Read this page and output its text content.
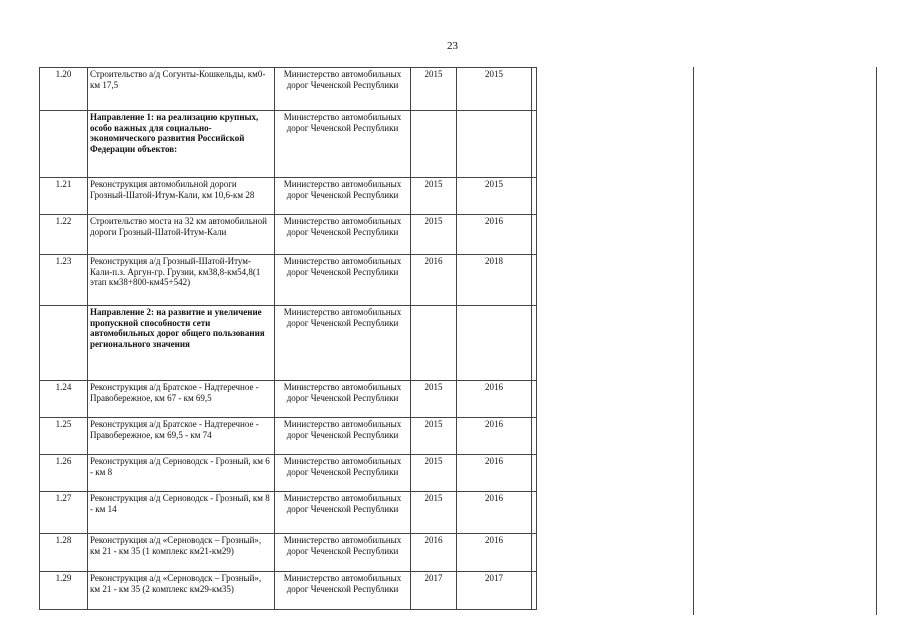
23
1.20	Строительство а/д Согунты-Кошкельды, км0-км 17,5	Министерство автомобильных дорог Чеченской Республики	2015	2015	
	Направление 1: на реализацию крупных, особо важных для социально-экономического развития Российской Федерации объектов:	Министерство автомобильных дорог Чеченской Республики			
1.21	Реконструкция автомобильной дороги Грозный-Шатой-Итум-Кали, км 10,6-км 28	Министерство автомобильных дорог Чеченской Республики	2015	2015	
1.22	Строительство моста на 32 км автомобильной дороги Грозный-Шатой-Итум-Кали	Министерство автомобильных дорог Чеченской Республики	2015	2016	
1.23	Реконструкция а/д Грозный-Шатой-Итум-Кали-п.з. Аргун-гр. Грузии, км38,8-км54,8(1 этап км38+800-км45+542)	Министерство автомобильных дорог Чеченской Республики	2016	2018	
	Направление 2: на развитие и увеличение пропускной способности сети автомобильных дорог общего пользования регионального значения	Министерство автомобильных дорог Чеченской Республики			
1.24	Реконструкция а/д Братское - Надтеречное - Правобережное, км 67 - км 69,5	Министерство автомобильных дорог Чеченской Республики	2015	2016	
1.25	Реконструкция а/д Братское - Надтеречное - Правобережное, км 69,5 - км 74	Министерство автомобильных дорог Чеченской Республики	2015	2016	
1.26	Реконструкция а/д Серноводск - Грозный, км 6 - км 8	Министерство автомобильных дорог Чеченской Республики	2015	2016	
1.27	Реконструкция а/д Серноводск - Грозный, км 8 - км 14	Министерство автомобильных дорог Чеченской Республики	2015	2016	
1.28	Реконструкция а/д «Серноводск – Грозный», км 21 - км 35 (1 комплекс км21-км29)	Министерство автомобильных дорог Чеченской Республики	2016	2016	
1.29	Реконструкция а/д «Серноводск – Грозный», км 21 - км 35 (2 комплекс км29-км35)	Министерство автомобильных дорог Чеченской Республики	2017	2017	
